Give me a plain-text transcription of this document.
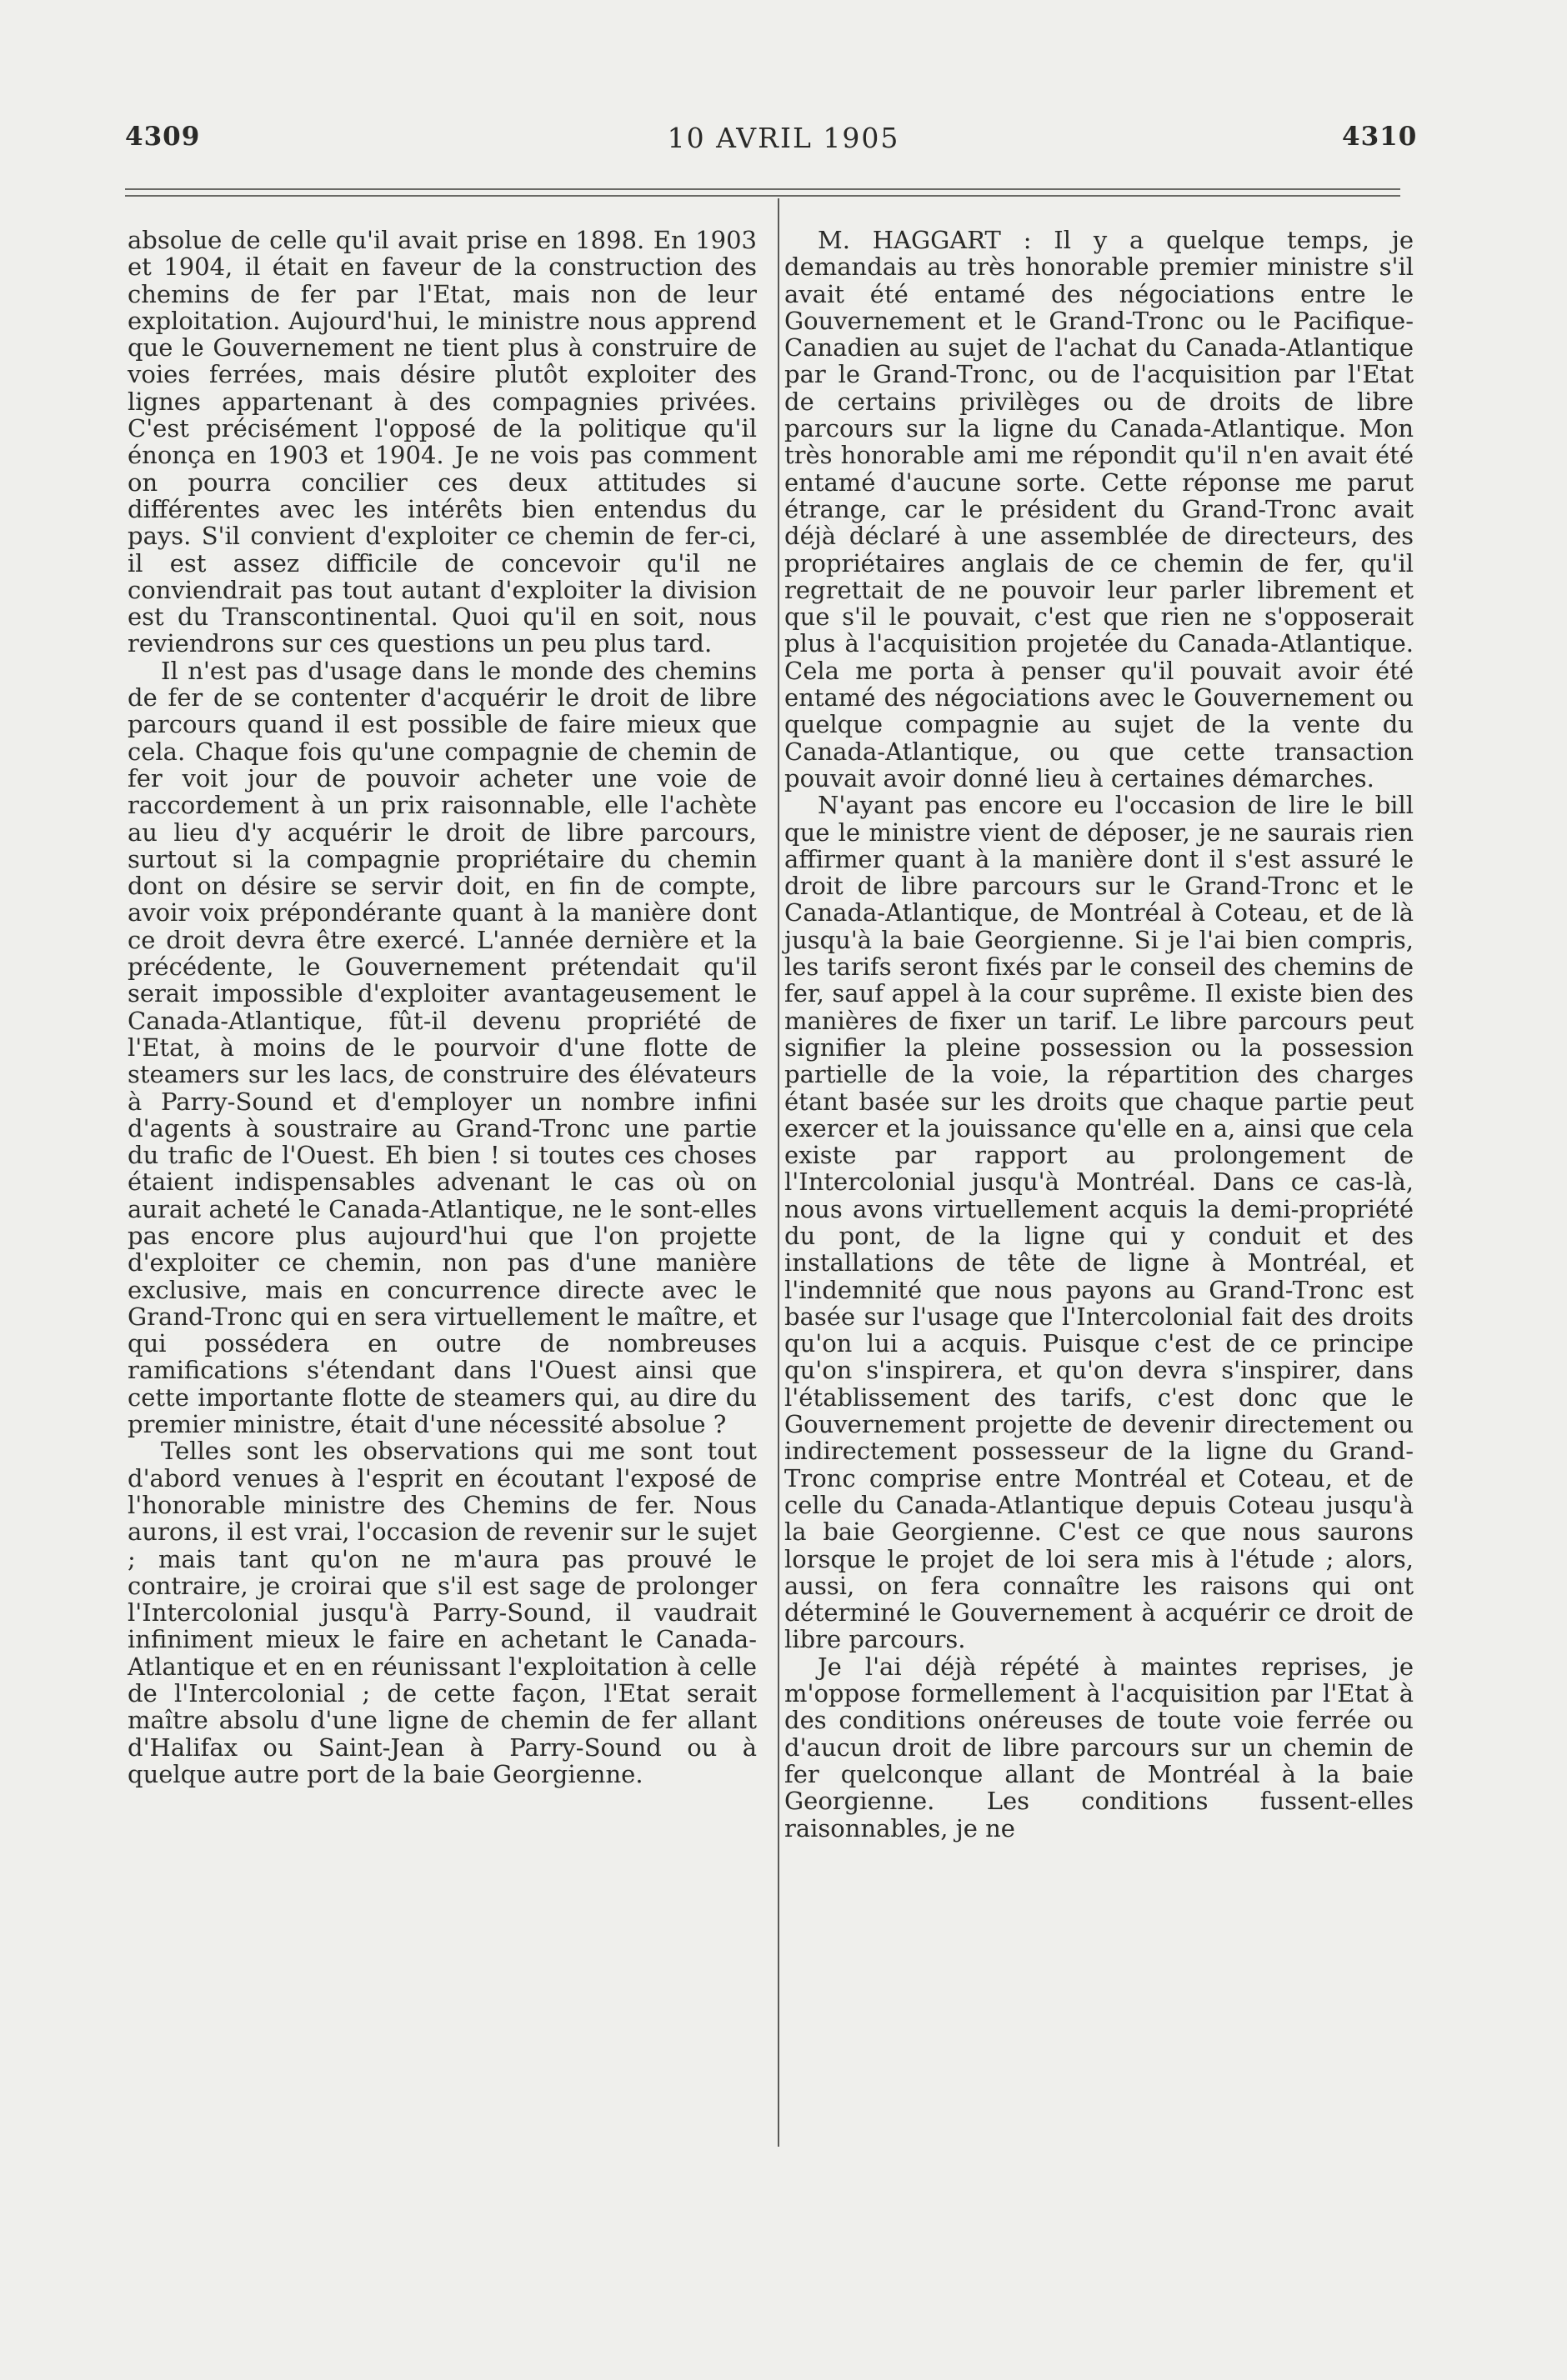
4309	10 AVRIL 1905	4310

absolue de celle qu'il avait prise en 1898. En 1903 et 1904, il était en faveur de la construction des chemins de fer par l'Etat, mais non de leur exploitation. Aujourd'hui, le ministre nous apprend que le Gouvernement ne tient plus à construire de voies ferrées, mais désire plutôt exploiter des lignes appartenant à des compagnies privées. C'est précisément l'opposé de la politique qu'il énonça en 1903 et 1904. Je ne vois pas comment on pourra concilier ces deux attitudes si différentes avec les intérêts bien entendus du pays. S'il convient d'exploiter ce chemin de fer-ci, il est assez difficile de concevoir qu'il ne conviendrait pas tout autant d'exploiter la division est du Transcontinental. Quoi qu'il en soit, nous reviendrons sur ces questions un peu plus tard.

Il n'est pas d'usage dans le monde des chemins de fer de se contenter d'acquérir le droit de libre parcours quand il est possible de faire mieux que cela. Chaque fois qu'une compagnie de chemin de fer voit jour de pouvoir acheter une voie de raccordement à un prix raisonnable, elle l'achète au lieu d'y acquérir le droit de libre parcours, surtout si la compagnie propriétaire du chemin dont on désire se servir doit, en fin de compte, avoir voix prépondérante quant à la manière dont ce droit devra être exercé. L'année dernière et la précédente, le Gouvernement prétendait qu'il serait impossible d'exploiter avantageusement le Canada-Atlantique, fût-il devenu propriété de l'Etat, à moins de le pourvoir d'une flotte de steamers sur les lacs, de construire des élévateurs à Parry-Sound et d'employer un nombre infini d'agents à soustraire au Grand-Tronc une partie du trafic de l'Ouest. Eh bien ! si toutes ces choses étaient indispensables advenant le cas où on aurait acheté le Canada-Atlantique, ne le sont-elles pas encore plus aujourd'hui que l'on projette d'exploiter ce chemin, non pas d'une manière exclusive, mais en concurrence directe avec le Grand-Tronc qui en sera virtuellement le maître, et qui possédera en outre de nombreuses ramifications s'étendant dans l'Ouest ainsi que cette importante flotte de steamers qui, au dire du premier ministre, était d'une nécessité absolue ?

Telles sont les observations qui me sont tout d'abord venues à l'esprit en écoutant l'exposé de l'honorable ministre des Chemins de fer. Nous aurons, il est vrai, l'occasion de revenir sur le sujet ; mais tant qu'on ne m'aura pas prouvé le contraire, je croirai que s'il est sage de prolonger l'Intercolonial jusqu'à Parry-Sound, il vaudrait infiniment mieux le faire en achetant le Canada-Atlantique et en en réunissant l'exploitation à celle de l'Intercolonial ; de cette façon, l'Etat serait maître absolu d'une ligne de chemin de fer allant d'Halifax ou Saint-Jean à Parry-Sound ou à quelque autre port de la baie Georgienne.

M. HAGGART : Il y a quelque temps, je demandais au très honorable premier ministre s'il avait été entamé des négociations entre le Gouvernement et le Grand-Tronc ou le Pacifique-Canadien au sujet de l'achat du Canada-Atlantique par le Grand-Tronc, ou de l'acquisition par l'Etat de certains privilèges ou de droits de libre parcours sur la ligne du Canada-Atlantique. Mon très honorable ami me répondit qu'il n'en avait été entamé d'aucune sorte. Cette réponse me parut étrange, car le président du Grand-Tronc avait déjà déclaré à une assemblée de directeurs, des propriétaires anglais de ce chemin de fer, qu'il regrettait de ne pouvoir leur parler librement et que s'il le pouvait, c'est que rien ne s'opposerait plus à l'acquisition projetée du Canada-Atlantique. Cela me porta à penser qu'il pouvait avoir été entamé des négociations avec le Gouvernement ou quelque compagnie au sujet de la vente du Canada-Atlantique, ou que cette transaction pouvait avoir donné lieu à certaines démarches.

N'ayant pas encore eu l'occasion de lire le bill que le ministre vient de déposer, je ne saurais rien affirmer quant à la manière dont il s'est assuré le droit de libre parcours sur le Grand-Tronc et le Canada-Atlantique, de Montréal à Coteau, et de là jusqu'à la baie Georgienne. Si je l'ai bien compris, les tarifs seront fixés par le conseil des chemins de fer, sauf appel à la cour suprême. Il existe bien des manières de fixer un tarif. Le libre parcours peut signifier la pleine possession ou la possession partielle de la voie, la répartition des charges étant basée sur les droits que chaque partie peut exercer et la jouissance qu'elle en a, ainsi que cela existe par rapport au prolongement de l'Intercolonial jusqu'à Montréal. Dans ce cas-là, nous avons virtuellement acquis la demi-propriété du pont, de la ligne qui y conduit et des installations de tête de ligne à Montréal, et l'indemnité que nous payons au Grand-Tronc est basée sur l'usage que l'Intercolonial fait des droits qu'on lui a acquis. Puisque c'est de ce principe qu'on s'inspirera, et qu'on devra s'inspirer, dans l'établissement des tarifs, c'est donc que le Gouvernement projette de devenir directement ou indirectement possesseur de la ligne du Grand-Tronc comprise entre Montréal et Coteau, et de celle du Canada-Atlantique depuis Coteau jusqu'à la baie Georgienne. C'est ce que nous saurons lorsque le projet de loi sera mis à l'étude ; alors, aussi, on fera connaître les raisons qui ont déterminé le Gouvernement à acquérir ce droit de libre parcours.

Je l'ai déjà répété à maintes reprises, je m'oppose formellement à l'acquisition par l'Etat à des conditions onéreuses de toute voie ferrée ou d'aucun droit de libre parcours sur un chemin de fer quelconque allant de Montréal à la baie Georgienne. Les conditions fussent-elles raisonnables, je ne
